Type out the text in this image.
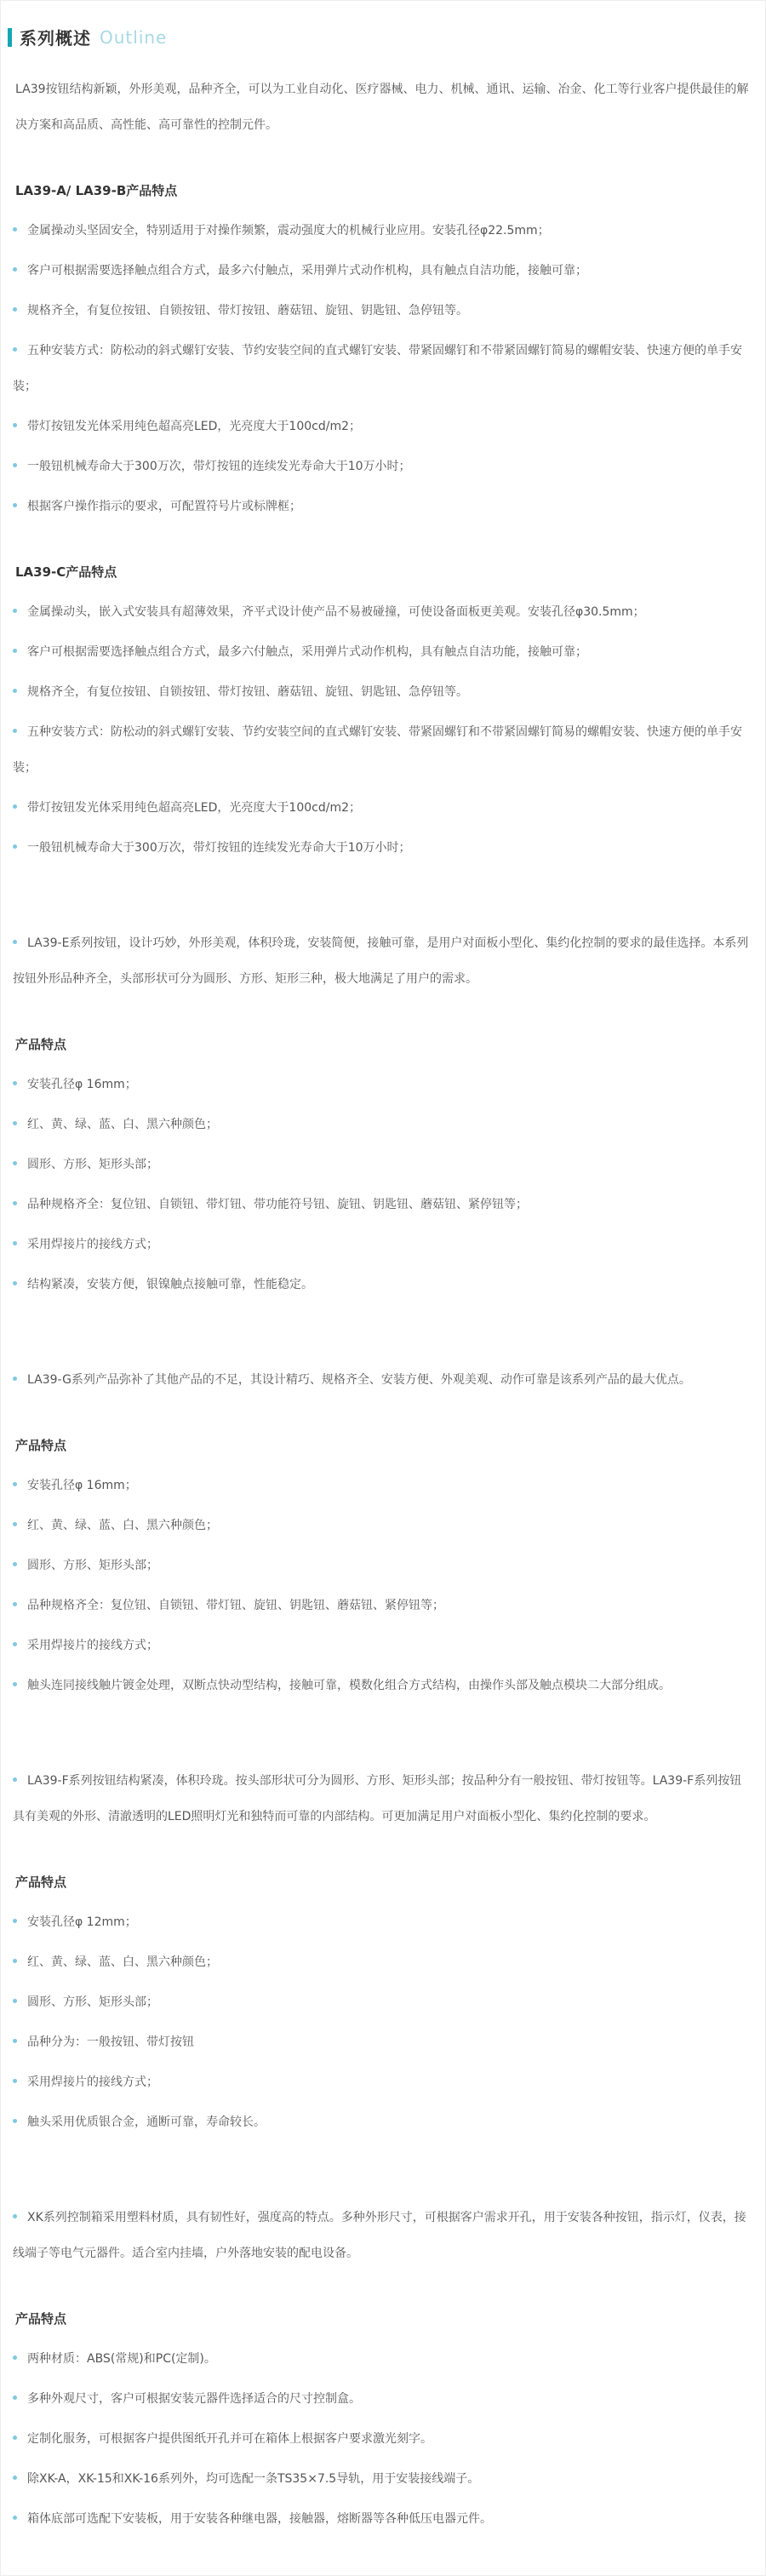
系列概述 Outline

LA39按钮结构新颖，外形美观，品种齐全，可以为工业自动化、医疗器械、电力、机械、通讯、运输、冶金、化工等行业客户提供最佳的解决方案和高品质、高性能、高可靠性的控制元件。

LA39-A/ LA39-B产品特点

金属操动头坚固安全，特别适用于对操作频繁，震动强度大的机械行业应用。安装孔径φ22.5mm；

客户可根据需要选择触点组合方式，最多六付触点，采用弹片式动作机构，具有触点自洁功能，接触可靠；

规格齐全，有复位按钮、自锁按钮、带灯按钮、蘑菇钮、旋钮、钥匙钮、急停钮等。

五种安装方式：防松动的斜式螺钉安装、节约安装空间的直式螺钉安装、带紧固螺钉和不带紧固螺钉简易的螺帽安装、快速方便的单手安装；

带灯按钮发光体采用纯色超高亮LED，光亮度大于100cd/m2；

一般钮机械寿命大于300万次，带灯按钮的连续发光寿命大于10万小时；

根据客户操作指示的要求，可配置符号片或标牌框；

LA39-C产品特点

金属操动头，嵌入式安装具有超薄效果，齐平式设计使产品不易被碰撞，可使设备面板更美观。安装孔径φ30.5mm；

客户可根据需要选择触点组合方式，最多六付触点，采用弹片式动作机构，具有触点自洁功能，接触可靠；

规格齐全，有复位按钮、自锁按钮、带灯按钮、蘑菇钮、旋钮、钥匙钮、急停钮等。

五种安装方式：防松动的斜式螺钉安装、节约安装空间的直式螺钉安装、带紧固螺钉和不带紧固螺钉简易的螺帽安装、快速方便的单手安装；

带灯按钮发光体采用纯色超高亮LED，光亮度大于100cd/m2；

一般钮机械寿命大于300万次，带灯按钮的连续发光寿命大于10万小时；

LA39-E系列按钮，设计巧妙，外形美观，体积玲珑，安装简便，接触可靠，是用户对面板小型化、集约化控制的要求的最佳选择。本系列按钮外形品种齐全，头部形状可分为圆形、方形、矩形三种，极大地满足了用户的需求。

产品特点

安装孔径φ 16mm；

红、黄、绿、蓝、白、黑六种颜色；

圆形、方形、矩形头部；

品种规格齐全：复位钮、自锁钮、带灯钮、带功能符号钮、旋钮、钥匙钮、蘑菇钮、紧停钮等；

采用焊接片的接线方式；

结构紧凑，安装方便，银镍触点接触可靠，性能稳定。

LA39-G系列产品弥补了其他产品的不足，其设计精巧、规格齐全、安装方便、外观美观、动作可靠是该系列产品的最大优点。

产品特点

安装孔径φ 16mm；

红、黄、绿、蓝、白、黑六种颜色；

圆形、方形、矩形头部；

品种规格齐全：复位钮、自锁钮、带灯钮、旋钮、钥匙钮、蘑菇钮、紧停钮等；

采用焊接片的接线方式；

触头连同接线触片镀金处理，双断点快动型结构，接触可靠，模数化组合方式结构，由操作头部及触点模块二大部分组成。

LA39-F系列按钮结构紧凑，体积玲珑。按头部形状可分为圆形、方形、矩形头部；按品种分有一般按钮、带灯按钮等。LA39-F系列按钮具有美观的外形、清澈透明的LED照明灯光和独特而可靠的内部结构。可更加满足用户对面板小型化、集约化控制的要求。

产品特点

安装孔径φ 12mm；

红、黄、绿、蓝、白、黑六种颜色；

圆形、方形、矩形头部；

品种分为：一般按钮、带灯按钮

采用焊接片的接线方式；

触头采用优质银合金，通断可靠，寿命较长。

XK系列控制箱采用塑料材质，具有韧性好，强度高的特点。多种外形尺寸，可根据客户需求开孔，用于安装各种按钮，指示灯，仪表，接线端子等电气元器件。适合室内挂墙，户外落地安装的配电设备。

产品特点

两种材质：ABS(常规)和PC(定制)。

多种外观尺寸，客户可根据安装元器件选择适合的尺寸控制盒。

定制化服务，可根据客户提供图纸开孔并可在箱体上根据客户要求激光刻字。

除XK-A，XK-15和XK-16系列外，均可选配一条TS35×7.5导轨，用于安装接线端子。

箱体底部可选配下安装板，用于安装各种继电器，接触器，熔断器等各种低压电器元件。
